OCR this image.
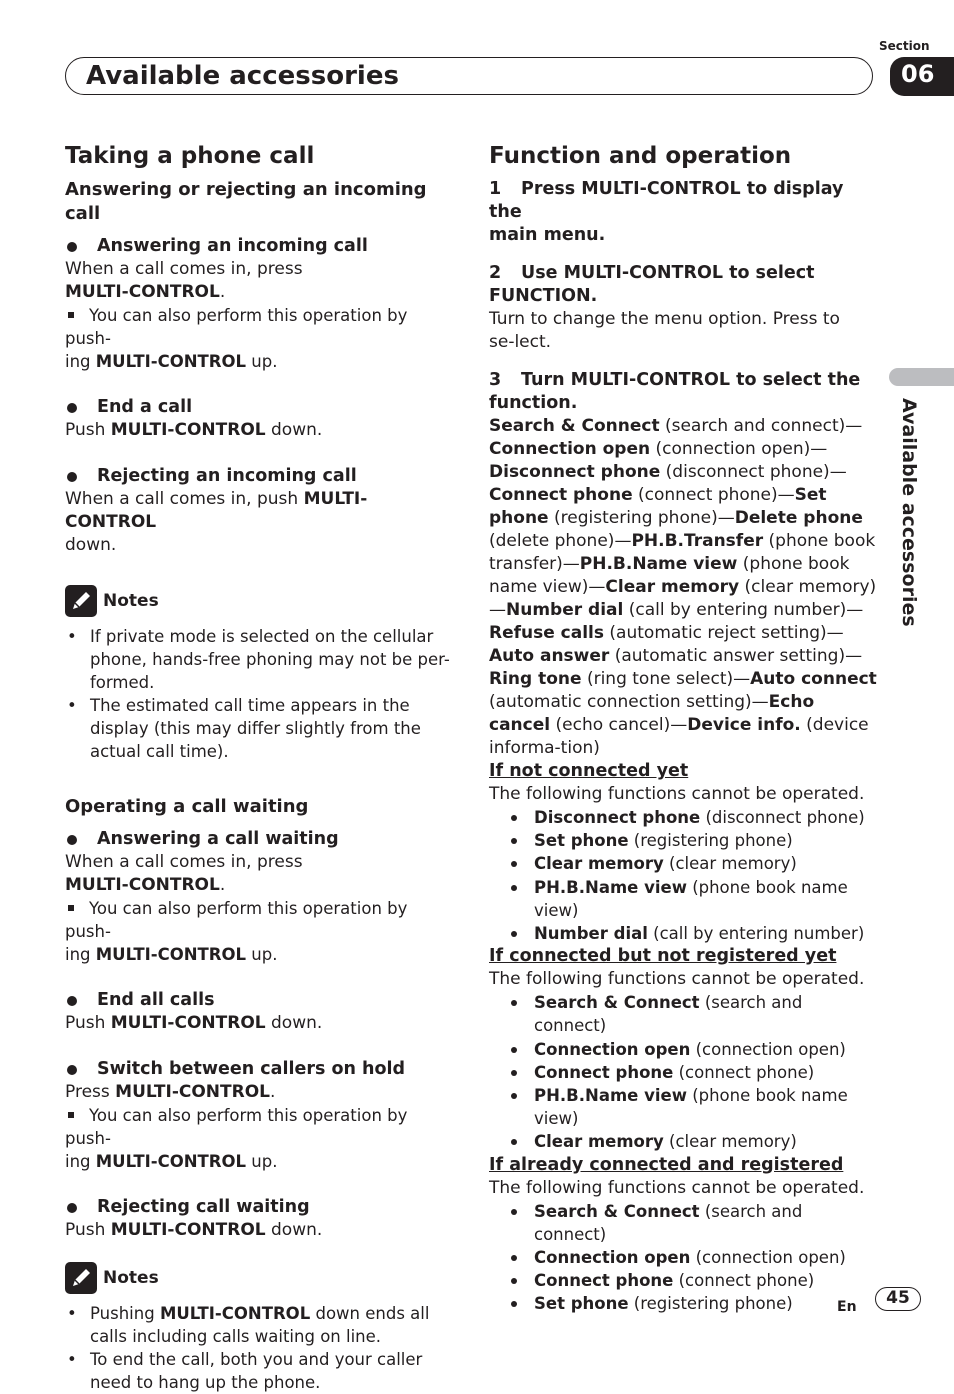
Section
Available accessories	06
Available accessories
Taking a phone call
Answering or rejecting an incoming call

Answering an incoming call

When a call comes in, press
MULTI-CONTROL.

You can also perform this operation by push-
ing MULTI-CONTROL up.

End a call

Push MULTI-CONTROL down.

Rejecting an incoming call

When a call comes in, push MULTI-CONTROL
down.

Notes
• If private mode is selected on the cellular phone, hands-free phoning may not be per-formed.
• The estimated call time appears in the display (this may differ slightly from the actual call time).
Operating a call waiting

Answering a call waiting

When a call comes in, press
MULTI-CONTROL.

You can also perform this operation by push-
ing MULTI-CONTROL up.

End all calls

Push MULTI-CONTROL down.

Switch between callers on hold

Press MULTI-CONTROL.

You can also perform this operation by push-
ing MULTI-CONTROL up.

Rejecting call waiting

Push MULTI-CONTROL down.

Notes
• Pushing MULTI-CONTROL down ends all calls including calls waiting on line.
• To end the call, both you and your caller need to hang up the phone.
Function and operation

1 Press MULTI-CONTROL to display the
main menu.

2 Use MULTI-CONTROL to select
FUNCTION.

Turn to change the menu option. Press to se-lect.

3 Turn MULTI-CONTROL to select the
function.

Search & Connect (search and connect)—Connection open (connection open)—Disconnect phone (disconnect phone)—Connect phone (connect phone)—Set phone (registering phone)—Delete phone (delete phone)—PH.B.Transfer (phone book transfer)—PH.B.Name view (phone book name view)—Clear memory (clear memory)—Number dial (call by entering number)—Refuse calls (automatic reject setting)—Auto answer (automatic answer setting)—Ring tone (ring tone select)—Auto connect (automatic connection setting)—Echo cancel (echo cancel)—Device info. (device informa-tion)

If not connected yet

The following functions cannot be operated.

Disconnect phone (disconnect phone)
Set phone (registering phone)
Clear memory (clear memory)
PH.B.Name view (phone book name view)
Number dial (call by entering number)

If connected but not registered yet

The following functions cannot be operated.

Search & Connect (search and connect)
Connection open (connection open)
Connect phone (connect phone)
PH.B.Name view (phone book name view)
Clear memory (clear memory)

If already connected and registered

The following functions cannot be operated.

Search & Connect (search and connect)
Connection open (connection open)
Connect phone (connect phone)
Set phone (registering phone)	En	45
